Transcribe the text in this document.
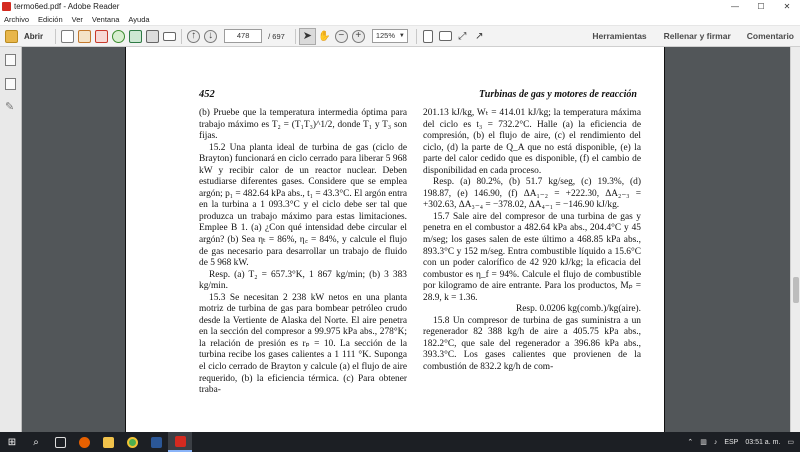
termo6ed.pdf - Adobe Reader	—	☐	✕
Archivo Edición Ver Ventana Ayuda
Abrir	↑	↓	478	/ 697 ➤ ✋ −	+	125% ▼	⤢ ↗	Herramientas Rellenar y firmar Comentario
✎
452	Turbinas de gas y motores de reacción

(b) Pruebe que la temperatura intermedia óptima para trabajo máximo es T₂ = (T₁T₃)^1/2, donde T₁ y T₃ son fijas.

15.2 Una planta ideal de turbina de gas (ciclo de Brayton) funcionará en ciclo cerrado para liberar 5 968 kW y recibir calor de un reactor nuclear. Deben estudiarse diferentes gases. Considere que se emplea argón; p₁ = 482.64 kPa abs., t₁ = 43.3°C. El argón entra en la turbina a 1 093.3°C y el ciclo debe ser tal que produzca un trabajo máximo para estas limitaciones. Emplee B 1. (a) ¿Con qué intensidad debe circular el argón? (b) Sea ηₜ = 86%, η꜀ = 84%, y calcule el flujo de gas necesario para desarrollar un trabajo de fluido de 5 968 kW.

Resp. (a) T₂ = 657.3°K, 1 867 kg/min; (b) 3 383 kg/min.

15.3 Se necesitan 2 238 kW netos en una planta motriz de turbina de gas para bombear petróleo crudo desde la Vertiente de Alaska del Norte. El aire penetra en la sección del compresor a 99.975 kPa abs., 278°K; la relación de presión es rₚ = 10. La sección de la turbina recibe los gases calientes a 1 111 °K. Suponga el ciclo cerrado de Brayton y calcule (a) el flujo de aire requerido, (b) la eficiencia térmica. (c) Para obtener traba-

201.13 kJ/kg, Wₜ = 414.01 kJ/kg; la temperatura máxima del ciclo es t₃ = 732.2°C. Halle (a) la eficiencia de compresión, (b) el flujo de aire, (c) el rendimiento del ciclo, (d) la parte de Q_A que no está disponible, (e) la parte del calor cedido que es disponible, (f) el cambio de disponibilidad en cada proceso.

Resp. (a) 80.2%, (b) 51.7 kg/seg, (c) 19.3%, (d) 198.87, (e) 146.90, (f) ΔA₁₋₂ = +222.30, ΔA₂₋₃ = +302.63, ΔA₃₋₄ = −378.02, ΔA₄₋₁ = −146.90 kJ/kg.

15.7 Sale aire del compresor de una turbina de gas y penetra en el combustor a 482.64 kPa abs., 204.4°C y 45 m/seg; los gases salen de este último a 468.85 kPa abs., 893.3°C y 152 m/seg. Entra combustible líquido a 15.6°C con un poder calorífico de 42 920 kJ/kg; la eficacia del combustor es η_f = 94%. Calcule el flujo de combustible por kilogramo de aire entrante. Para los productos, Mₚ = 28.9, k = 1.36.

Resp. 0.0206 kg(comb.)/kg(aire).

15.8 Un compresor de turbina de gas suministra a un regenerador 82 388 kg/h de aire a 405.75 kPa abs., 182.2°C, que sale del regenerador a 396.86 kPa abs., 393.3°C. Los gases calientes que provienen de la combustión de 832.2 kg/h de com-

⊞ ⌕	⌃ ▥ ♪ ESP 03:51 a. m. ▭
